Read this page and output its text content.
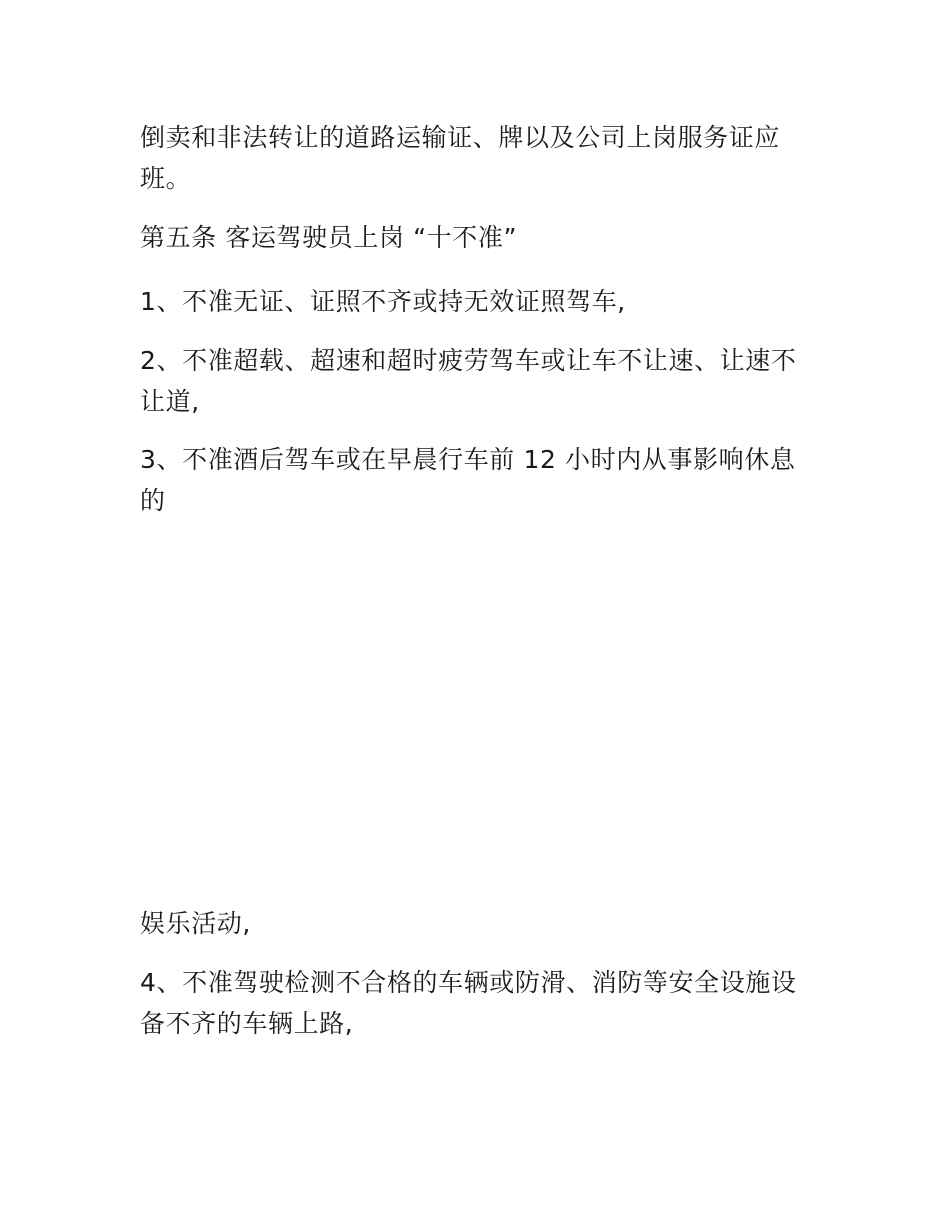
倒卖和非法转让的道路运输证、牌以及公司上岗服务证应班。

第五条 客运驾驶员上岗 “十不准”

1、不准无证、证照不齐或持无效证照驾车,

2、不准超载、超速和超时疲劳驾车或让车不让速、让速不让道,

3、不准酒后驾车或在早晨行车前 12 小时内从事影响休息的

娱乐活动,

4、不准驾驶检测不合格的车辆或防滑、消防等安全设施设备不齐的车辆上路,
